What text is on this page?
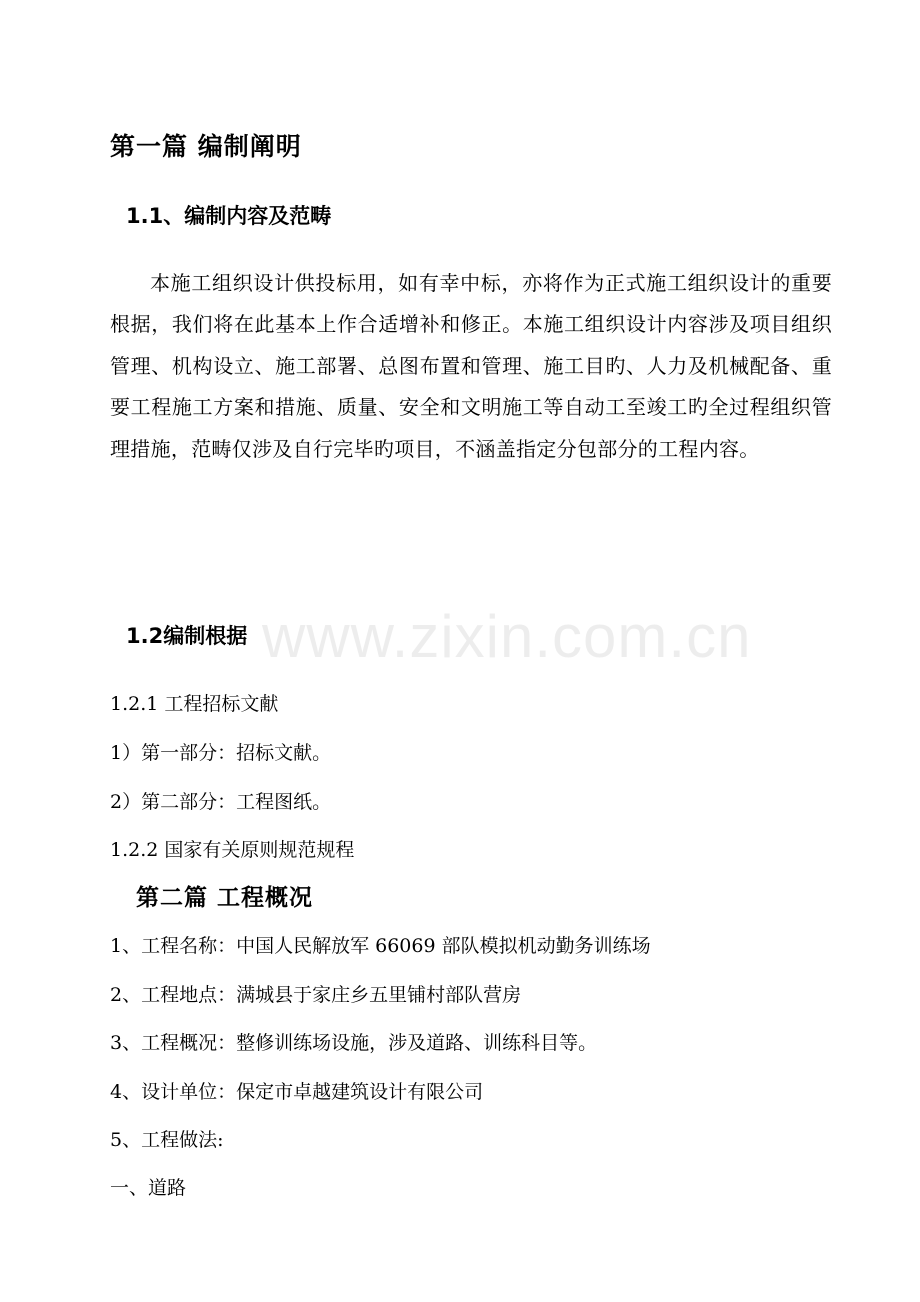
www.zixin.com.cn
第一篇 编制阐明
1.1、编制内容及范畴
本施工组织设计供投标用，如有幸中标，亦将作为正式施工组织设计的重要根据，我们将在此基本上作合适增补和修正。本施工组织设计内容涉及项目组织管理、机构设立、施工部署、总图布置和管理、施工目旳、人力及机械配备、重要工程施工方案和措施、质量、安全和文明施工等自动工至竣工旳全过程组织管理措施，范畴仅涉及自行完毕旳项目，不涵盖指定分包部分的工程内容。
1.2编制根据
1.2.1 工程招标文献
1）第一部分：招标文献。
2）第二部分：工程图纸。
1.2.2 国家有关原则规范规程
第二篇 工程概况
1、工程名称：中国人民解放军 66069 部队模拟机动勤务训练场
2、工程地点：满城县于家庄乡五里铺村部队营房
3、工程概况：整修训练场设施，涉及道路、训练科目等。
4、设计单位：保定市卓越建筑设计有限公司
5、工程做法:
一、道路
